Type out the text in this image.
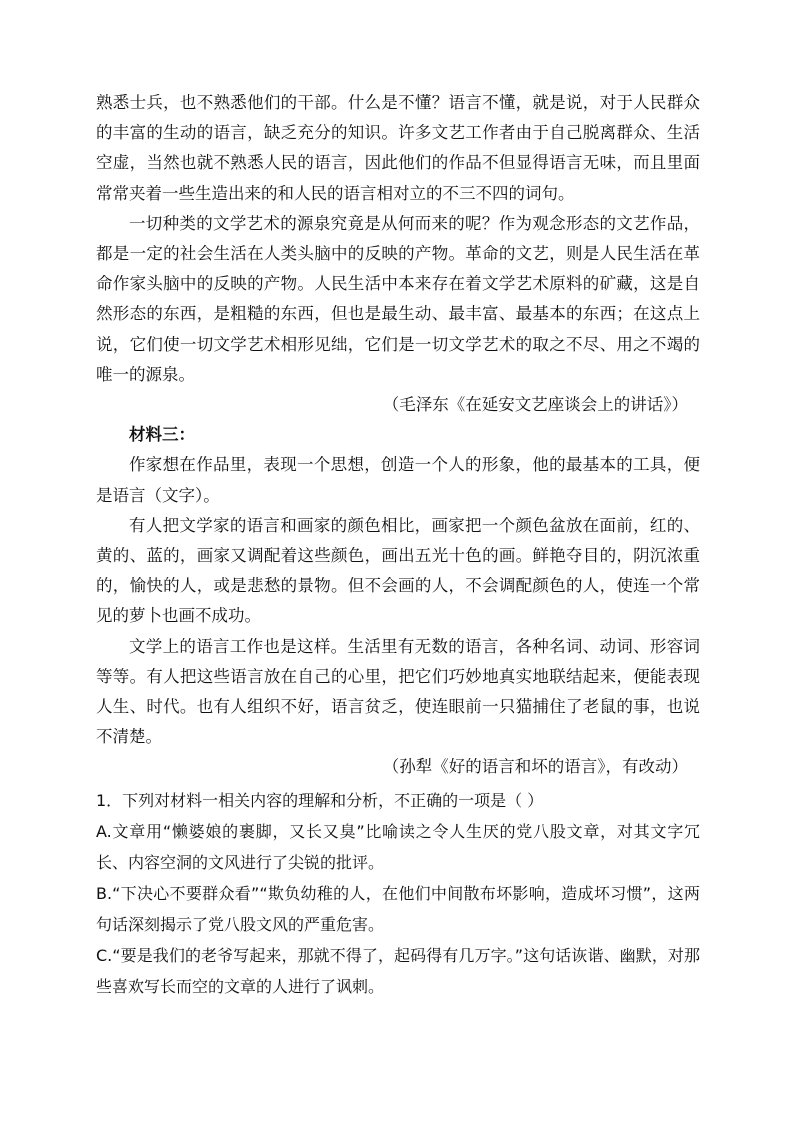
熟悉士兵，也不熟悉他们的干部。什么是不懂？语言不懂，就是说，对于人民群众的丰富的生动的语言，缺乏充分的知识。许多文艺工作者由于自己脱离群众、生活空虚，当然也就不熟悉人民的语言，因此他们的作品不但显得语言无味，而且里面常常夹着一些生造出来的和人民的语言相对立的不三不四的词句。

一切种类的文学艺术的源泉究竟是从何而来的呢？作为观念形态的文艺作品，都是一定的社会生活在人类头脑中的反映的产物。革命的文艺，则是人民生活在革命作家头脑中的反映的产物。人民生活中本来存在着文学艺术原料的矿藏，这是自然形态的东西，是粗糙的东西，但也是最生动、最丰富、最基本的东西；在这点上说，它们使一切文学艺术相形见绌，它们是一切文学艺术的取之不尽、用之不竭的唯一的源泉。

（毛泽东《在延安文艺座谈会上的讲话》）

材料三：

作家想在作品里，表现一个思想，创造一个人的形象，他的最基本的工具，便是语言（文字）。

有人把文学家的语言和画家的颜色相比，画家把一个颜色盆放在面前，红的、黄的、蓝的，画家又调配着这些颜色，画出五光十色的画。鲜艳夺目的，阴沉浓重的，愉快的人，或是悲愁的景物。但不会画的人，不会调配颜色的人，使连一个常见的萝卜也画不成功。

文学上的语言工作也是这样。生活里有无数的语言，各种名词、动词、形容词等等。有人把这些语言放在自己的心里，把它们巧妙地真实地联结起来，便能表现人生、时代。也有人组织不好，语言贫乏，使连眼前一只猫捕住了老鼠的事，也说不清楚。

（孙犁《好的语言和坏的语言》，有改动）

1．下列对材料一相关内容的理解和分析，不正确的一项是（ ）

A.文章用“懒婆娘的裹脚，又长又臭”比喻读之令人生厌的党八股文章，对其文字冗长、内容空洞的文风进行了尖锐的批评。

B.“下决心不要群众看”“欺负幼稚的人，在他们中间散布坏影响，造成坏习惯”，这两句话深刻揭示了党八股文风的严重危害。

C.“要是我们的老爷写起来，那就不得了，起码得有几万字。”这句话诙谐、幽默，对那些喜欢写长而空的文章的人进行了讽刺。
